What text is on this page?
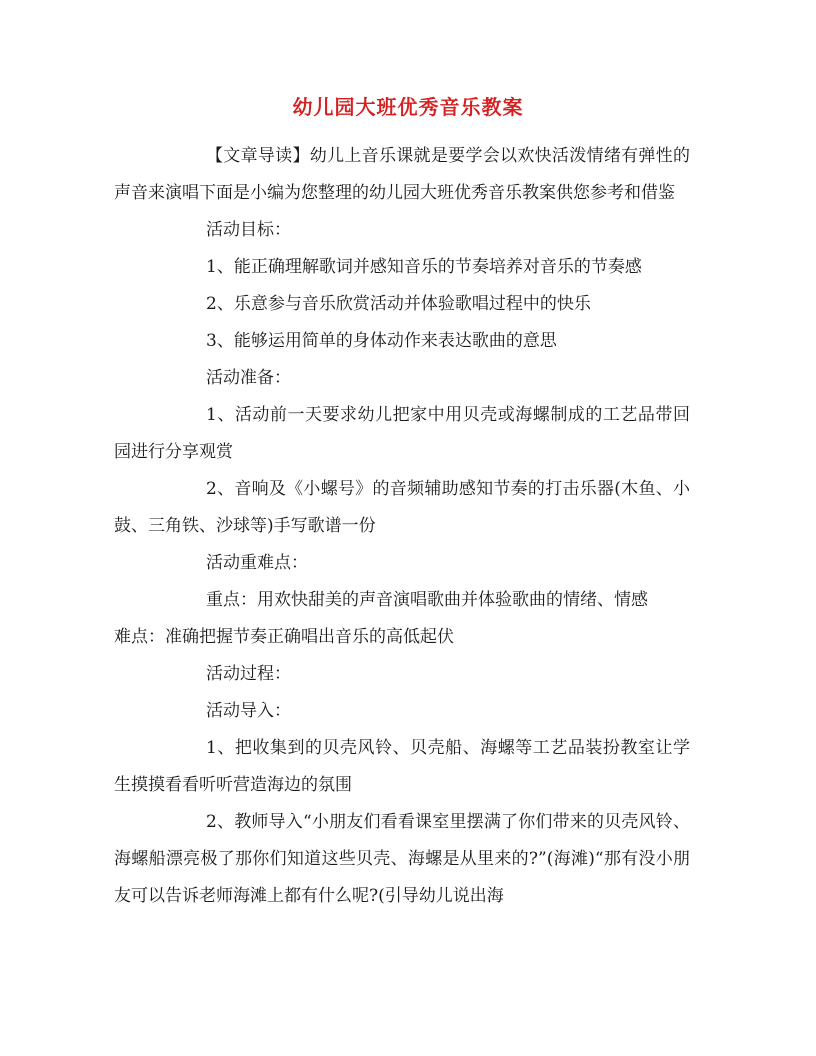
幼儿园大班优秀音乐教案

【文章导读】幼儿上音乐课就是要学会以欢快活泼情绪有弹性的声音来演唱下面是小编为您整理的幼儿园大班优秀音乐教案供您参考和借鉴

活动目标：

1、能正确理解歌词并感知音乐的节奏培养对音乐的节奏感

2、乐意参与音乐欣赏活动并体验歌唱过程中的快乐

3、能够运用简单的身体动作来表达歌曲的意思

活动准备：

1、活动前一天要求幼儿把家中用贝壳或海螺制成的工艺品带回园进行分享观赏

2、音响及《小螺号》的音频辅助感知节奏的打击乐器(木鱼、小鼓、三角铁、沙球等)手写歌谱一份

活动重难点：

重点：用欢快甜美的声音演唱歌曲并体验歌曲的情绪、情感

难点：准确把握节奏正确唱出音乐的高低起伏

活动过程：

活动导入：

1、把收集到的贝壳风铃、贝壳船、海螺等工艺品装扮教室让学生摸摸看看听听营造海边的氛围

2、教师导入“小朋友们看看课室里摆满了你们带来的贝壳风铃、海螺船漂亮极了那你们知道这些贝壳、海螺是从里来的?”(海滩)“那有没小朋友可以告诉老师海滩上都有什么呢?(引导幼儿说出海
